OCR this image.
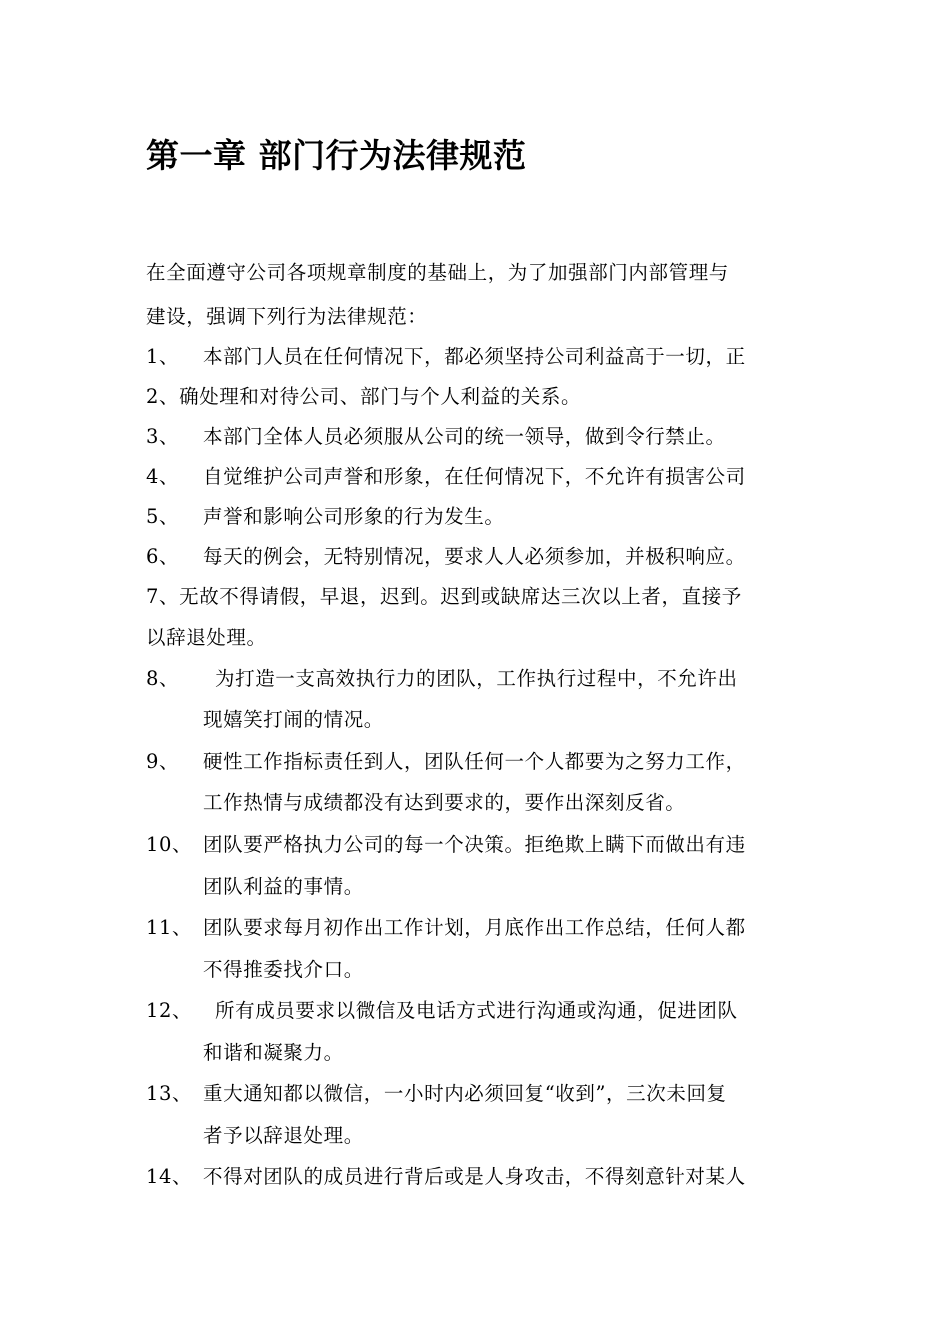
第一章 部门行为法律规范
在全面遵守公司各项规章制度的基础上，为了加强部门内部管理与
建设，强调下列行为法律规范：
1、 本部门人员在任何情况下，都必须坚持公司利益高于一切，正
2、确处理和对待公司、部门与个人利益的关系。
3、 本部门全体人员必须服从公司的统一领导，做到令行禁止。
4、 自觉维护公司声誉和形象，在任何情况下，不允许有损害公司
5、 声誉和影响公司形象的行为发生。
6、 每天的例会，无特别情况，要求人人必须参加，并极积响应。
7、无故不得请假，早退，迟到。迟到或缺席达三次以上者，直接予
以辞退处理。
8、 为打造一支高效执行力的团队，工作执行过程中，不允许出
现嬉笑打闹的情况。
9、 硬性工作指标责任到人，团队任何一个人都要为之努力工作，
工作热情与成绩都没有达到要求的，要作出深刻反省。
10、 团队要严格执力公司的每一个决策。拒绝欺上瞒下而做出有违
团队利益的事情。
11、 团队要求每月初作出工作计划，月底作出工作总结，任何人都
不得推委找介口。
12、 所有成员要求以微信及电话方式进行沟通或沟通，促进团队
和谐和凝聚力。
13、 重大通知都以微信，一小时内必须回复“收到”，三次未回复
者予以辞退处理。
14、 不得对团队的成员进行背后或是人身攻击，不得刻意针对某人
